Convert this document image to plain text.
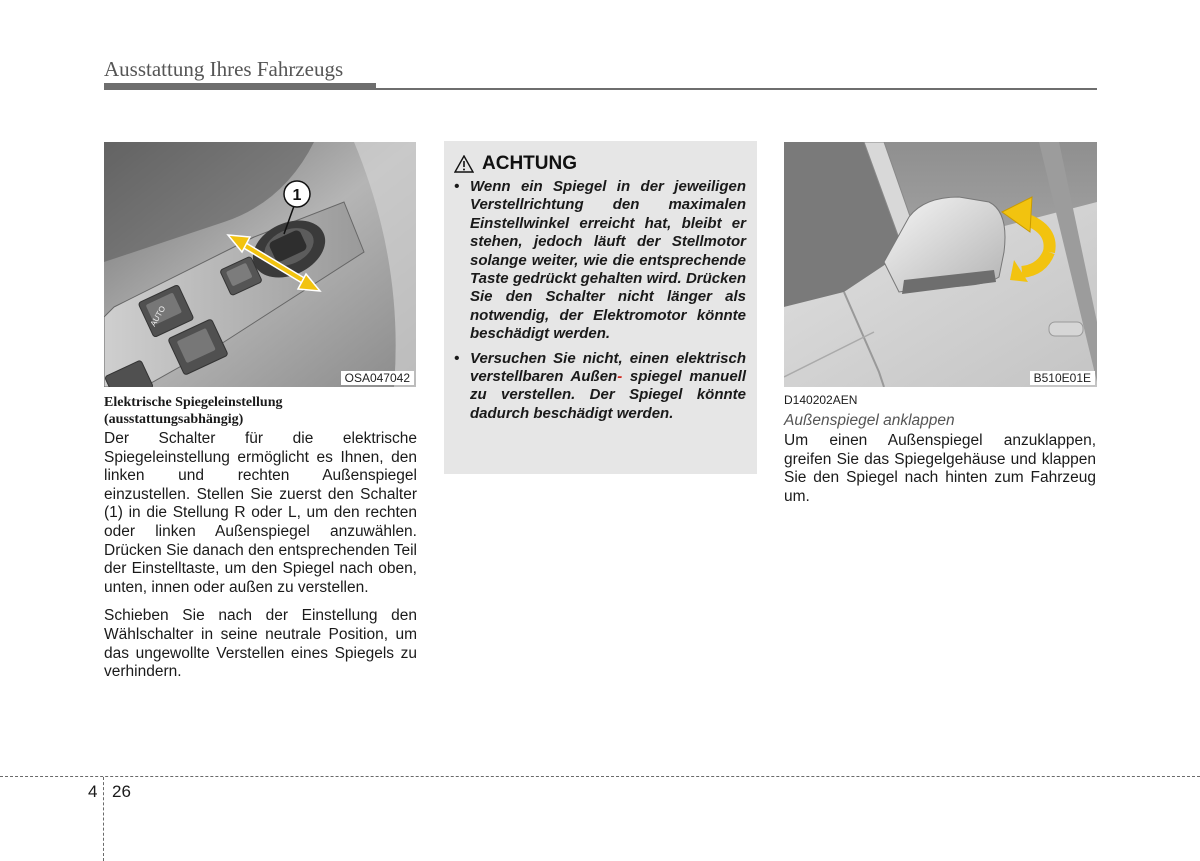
Ausstattung Ihres Fahrzeugs
AUTO
1
OSA047042
Elektrische Spiegeleinstellung
(ausstattungsabhängig)

Der Schalter für die elektrische Spiegeleinstellung ermöglicht es Ihnen, den linken und rechten Außenspiegel einzustellen. Stellen Sie zuerst den Schalter (1) in die Stellung R oder L, um den rechten oder linken Außenspiegel anzuwählen. Drücken Sie danach den entsprechenden Teil der Einstelltaste, um den Spiegel nach oben, unten, innen oder außen zu verstellen.

Schieben Sie nach der Einstellung den Wählschalter in seine neutrale Position, um das ungewollte Verstellen eines Spiegels zu verhindern.

ACHTUNG
• Wenn ein Spiegel in der jeweiligen Verstellrichtung den maximalen Einstellwinkel erreicht hat, bleibt er stehen, jedoch läuft der Stellmotor solange weiter, wie die entsprechende Taste gedrückt gehalten wird. Drücken Sie den Schalter nicht länger als notwendig, der Elektromotor könnte beschädigt werden.
• Versuchen Sie nicht, einen elektrisch verstellbaren Außen- spiegel manuell zu verstellen. Der Spiegel könnte dadurch beschädigt werden.
B510E01E
D140202AEN
Außenspiegel anklappen

Um einen Außenspiegel anzuklappen, greifen Sie das Spiegelgehäuse und klappen Sie den Spiegel nach hinten zum Fahrzeug um.

4 26
